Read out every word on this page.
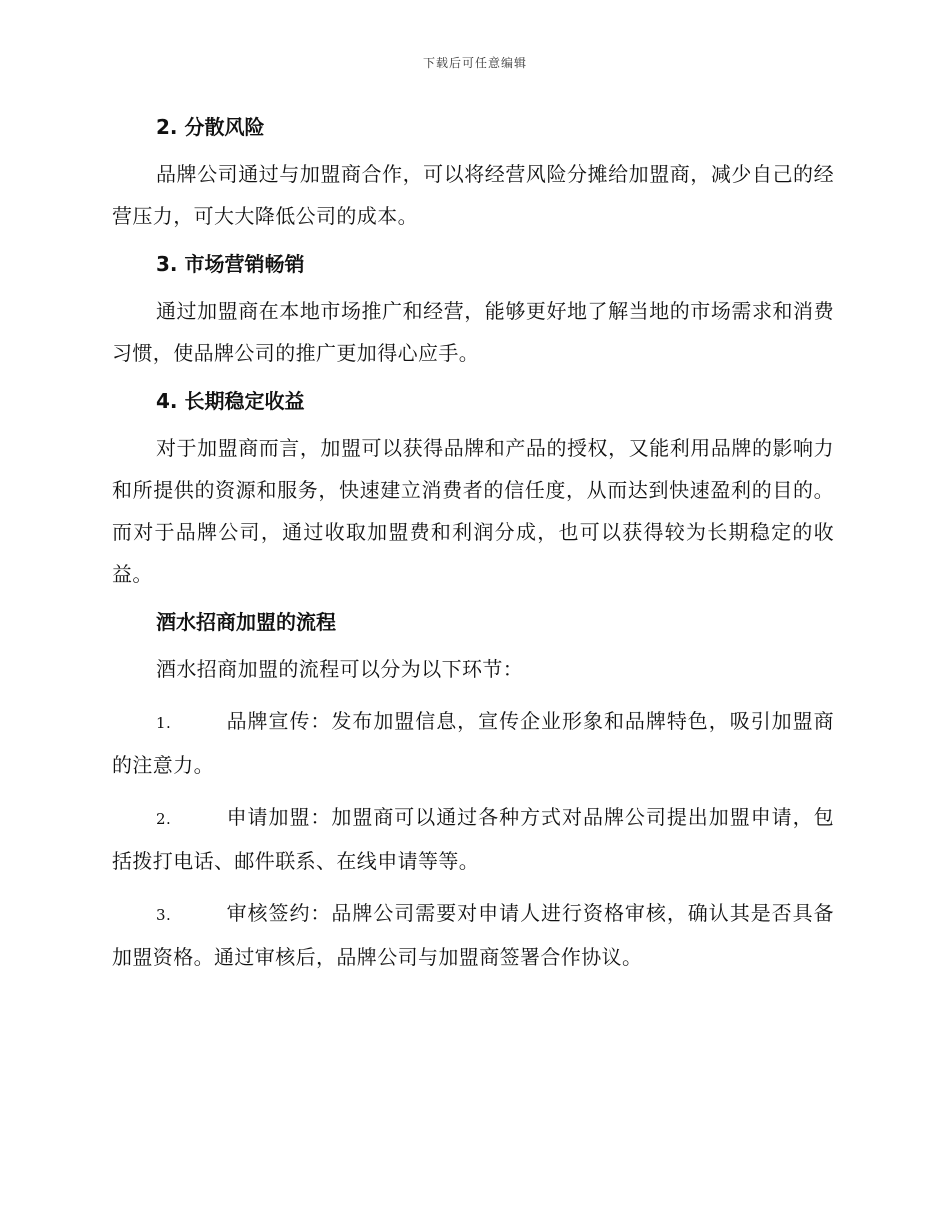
下载后可任意编辑
2. 分散风险

品牌公司通过与加盟商合作，可以将经营风险分摊给加盟商，减少自己的经营压力，可大大降低公司的成本。

3. 市场营销畅销

通过加盟商在本地市场推广和经营，能够更好地了解当地的市场需求和消费习惯，使品牌公司的推广更加得心应手。

4. 长期稳定收益

对于加盟商而言，加盟可以获得品牌和产品的授权，又能利用品牌的影响力和所提供的资源和服务，快速建立消费者的信任度，从而达到快速盈利的目的。而对于品牌公司，通过收取加盟费和利润分成，也可以获得较为长期稳定的收益。

酒水招商加盟的流程

酒水招商加盟的流程可以分为以下环节：

1.	品牌宣传：发布加盟信息，宣传企业形象和品牌特色，吸引加盟商的注意力。

2.	申请加盟：加盟商可以通过各种方式对品牌公司提出加盟申请，包括拨打电话、邮件联系、在线申请等等。

3.	审核签约：品牌公司需要对申请人进行资格审核，确认其是否具备加盟资格。通过审核后，品牌公司与加盟商签署合作协议。
